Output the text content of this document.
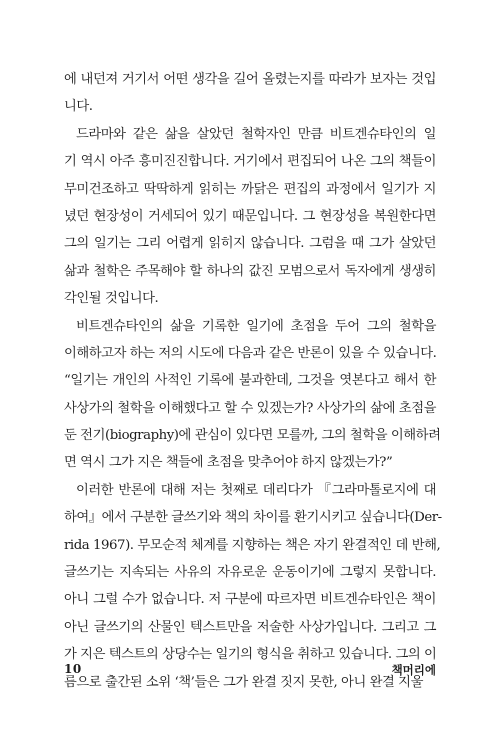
에 내던져 거기서 어떤 생각을 길어 올렸는지를 따라가 보자는 것입
니다.
드라마와 같은 삶을 살았던 철학자인 만큼 비트겐슈타인의 일
기 역시 아주 흥미진진합니다. 거기에서 편집되어 나온 그의 책들이
무미건조하고 딱딱하게 읽히는 까닭은 편집의 과정에서 일기가 지
녔던 현장성이 거세되어 있기 때문입니다. 그 현장성을 복원한다면
그의 일기는 그리 어렵게 읽히지 않습니다. 그럼을 때 그가 살았던
삶과 철학은 주목해야 할 하나의 값진 모범으로서 독자에게 생생히
각인될 것입니다.
비트겐슈타인의 삶을 기록한 일기에 초점을 두어 그의 철학을
이해하고자 하는 저의 시도에 다음과 같은 반론이 있을 수 있습니다.
“일기는 개인의 사적인 기록에 불과한데, 그것을 엿본다고 해서 한
사상가의 철학을 이해했다고 할 수 있겠는가? 사상가의 삶에 초점을
둔 전기(biography)에 관심이 있다면 모를까, 그의 철학을 이해하려
면 역시 그가 지은 책들에 초점을 맞추어야 하지 않겠는가?”
이러한 반론에 대해 저는 첫째로 데리다가 『그라마톨로지에 대
하여』에서 구분한 글쓰기와 책의 차이를 환기시키고 싶습니다(Der-
rida 1967). 무모순적 체계를 지향하는 책은 자기 완결적인 데 반해,
글쓰기는 지속되는 사유의 자유로운 운동이기에 그렇지 못합니다.
아니 그럴 수가 없습니다. 저 구분에 따르자면 비트겐슈타인은 책이
아닌 글쓰기의 산물인 텍스트만을 저술한 사상가입니다. 그리고 그
가 지은 텍스트의 상당수는 일기의 형식을 취하고 있습니다. 그의 이
름으로 출간된 소위 ‘책’들은 그가 완결 짓지 못한, 아니 완결 지울
10	책머리에
